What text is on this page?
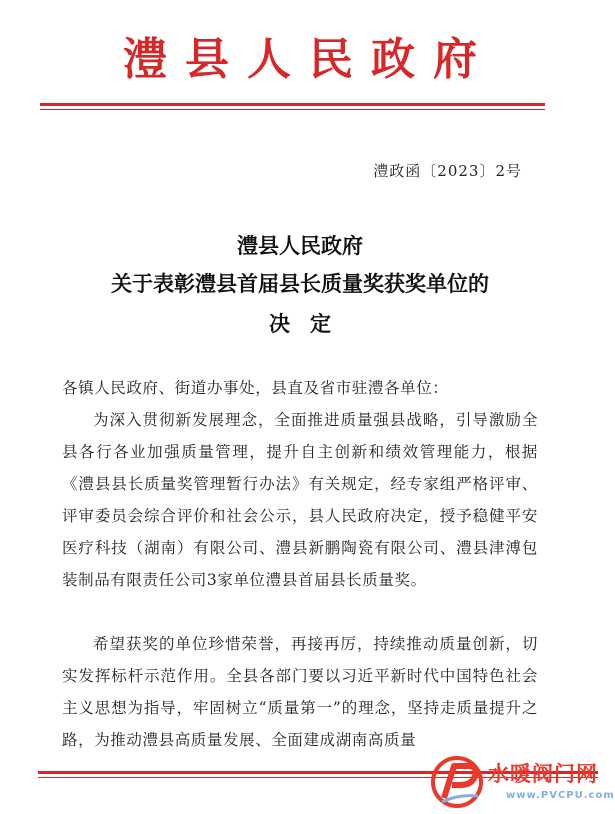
澧县人民政府
澧政函〔2023〕2号
澧县人民政府
关于表彰澧县首届县长质量奖获奖单位的
决定
各镇人民政府、街道办事处，县直及省市驻澧各单位：
为深入贯彻新发展理念，全面推进质量强县战略，引导激励全县各行各业加强质量管理，提升自主创新和绩效管理能力，根据《澧县县长质量奖管理暂行办法》有关规定，经专家组严格评审、评审委员会综合评价和社会公示，县人民政府决定，授予稳健平安医疗科技（湖南）有限公司、澧县新鹏陶瓷有限公司、澧县津溥包装制品有限责任公司3家单位澧县首届县长质量奖。
希望获奖的单位珍惜荣誉，再接再厉，持续推动质量创新，切实发挥标杆示范作用。全县各部门要以习近平新时代中国特色社会主义思想为指导，牢固树立“质量第一”的理念，坚持走质量提升之路，为推动澧县高质量发展、全面建成湖南高质量
水暖阀门网
www.PVCPU.com
